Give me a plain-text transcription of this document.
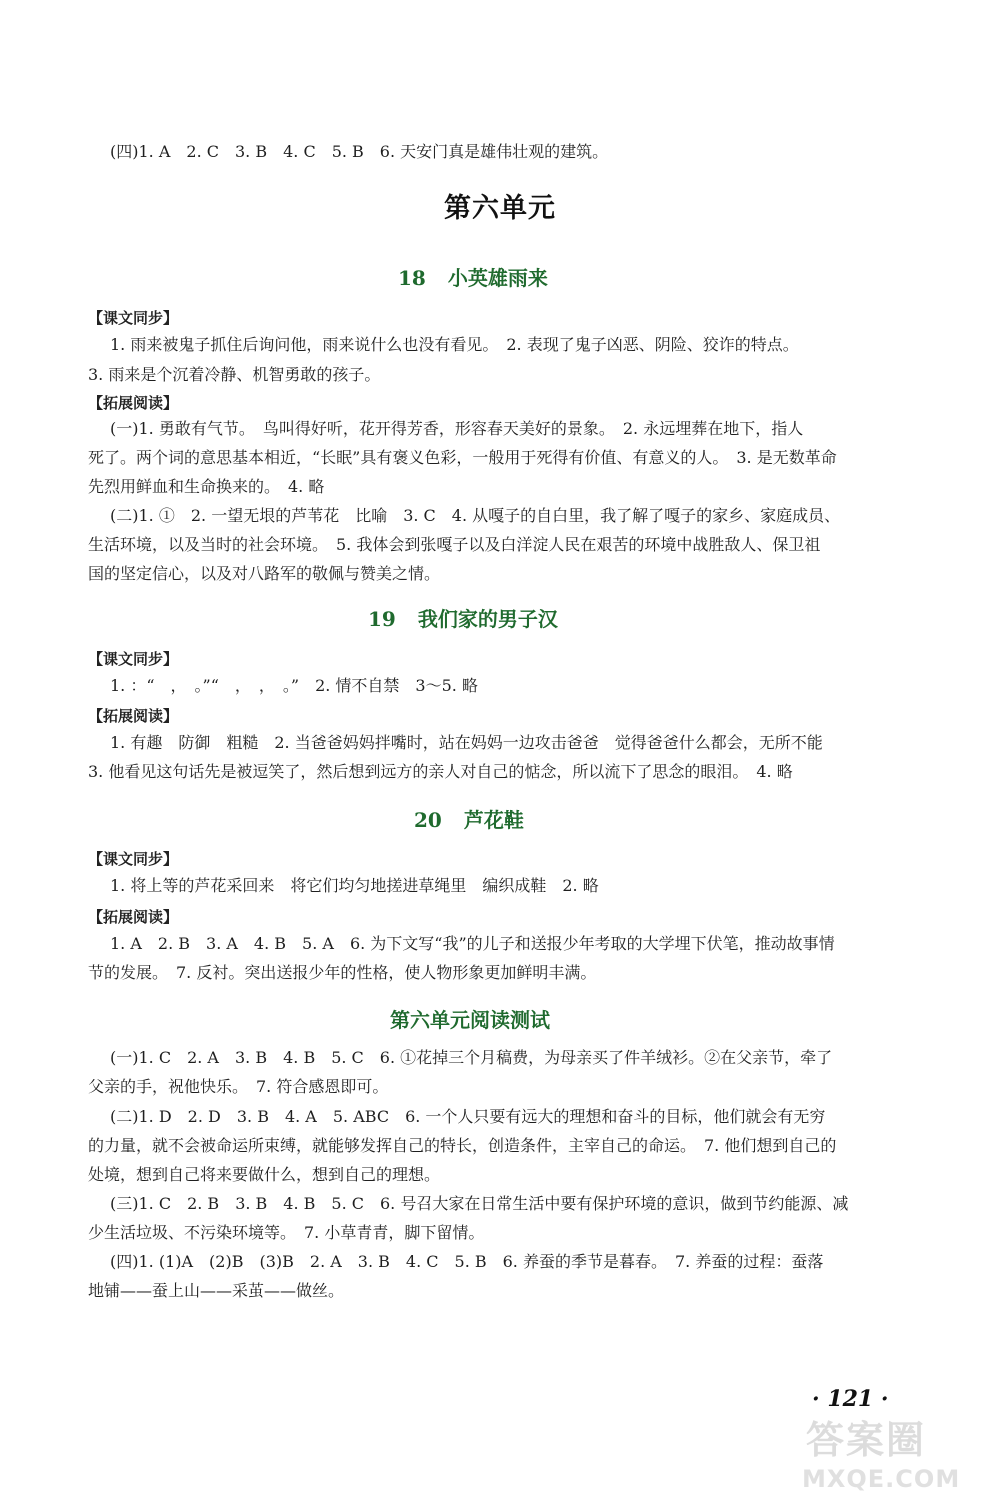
(四)1. A　2. C　3. B　4. C　5. B　6. 天安门真是雄伟壮观的建筑。
第六单元
18 小英雄雨来
【课文同步】
1. 雨来被鬼子抓住后询问他，雨来说什么也没有看见。　2. 表现了鬼子凶恶、阴险、狡诈的特点。
3. 雨来是个沉着冷静、机智勇敢的孩子。
【拓展阅读】
(一)1. 勇敢有气节。　鸟叫得好听，花开得芳香，形容春天美好的景象。　2. 永远埋葬在地下，指人
死了。两个词的意思基本相近，“长眠”具有褒义色彩，一般用于死得有价值、有意义的人。　3. 是无数革命
先烈用鲜血和生命换来的。　4. 略
(二)1. ①　2. 一望无垠的芦苇花　比喻　3. C　4. 从嘎子的自白里，我了解了嘎子的家乡、家庭成员、
生活环境，以及当时的社会环境。　5. 我体会到张嘎子以及白洋淀人民在艰苦的环境中战胜敌人、保卫祖
国的坚定信心，以及对八路军的敬佩与赞美之情。
19 我们家的男子汉
【课文同步】
1. ：“　，　。”“　，　，　。”　2. 情不自禁　3～5. 略
【拓展阅读】
1. 有趣　防御　粗糙　2. 当爸爸妈妈拌嘴时，站在妈妈一边攻击爸爸　觉得爸爸什么都会，无所不能
3. 他看见这句话先是被逗笑了，然后想到远方的亲人对自己的惦念，所以流下了思念的眼泪。　4. 略
20 芦花鞋
【课文同步】
1. 将上等的芦花采回来　将它们均匀地搓进草绳里　编织成鞋　2. 略
【拓展阅读】
1. A　2. B　3. A　4. B　5. A　6. 为下文写“我”的儿子和送报少年考取的大学埋下伏笔，推动故事情
节的发展。　7. 反衬。突出送报少年的性格，使人物形象更加鲜明丰满。
第六单元阅读测试
(一)1. C　2. A　3. B　4. B　5. C　6. ①花掉三个月稿费，为母亲买了件羊绒衫。②在父亲节，牵了
父亲的手，祝他快乐。　7. 符合感恩即可。
(二)1. D　2. D　3. B　4. A　5. ABC　6. 一个人只要有远大的理想和奋斗的目标，他们就会有无穷
的力量，就不会被命运所束缚，就能够发挥自己的特长，创造条件，主宰自己的命运。　7. 他们想到自己的
处境，想到自己将来要做什么，想到自己的理想。
(三)1. C　2. B　3. B　4. B　5. C　6. 号召大家在日常生活中要有保护环境的意识，做到节约能源、减
少生活垃圾、不污染环境等。　7. 小草青青，脚下留情。
(四)1. (1)A　(2)B　(3)B　2. A　3. B　4. C　5. B　6. 养蚕的季节是暮春。　7. 养蚕的过程：蚕落
地铺——蚕上山——采茧——做丝。
· 121 ·
答案圈
MXQE.COM
